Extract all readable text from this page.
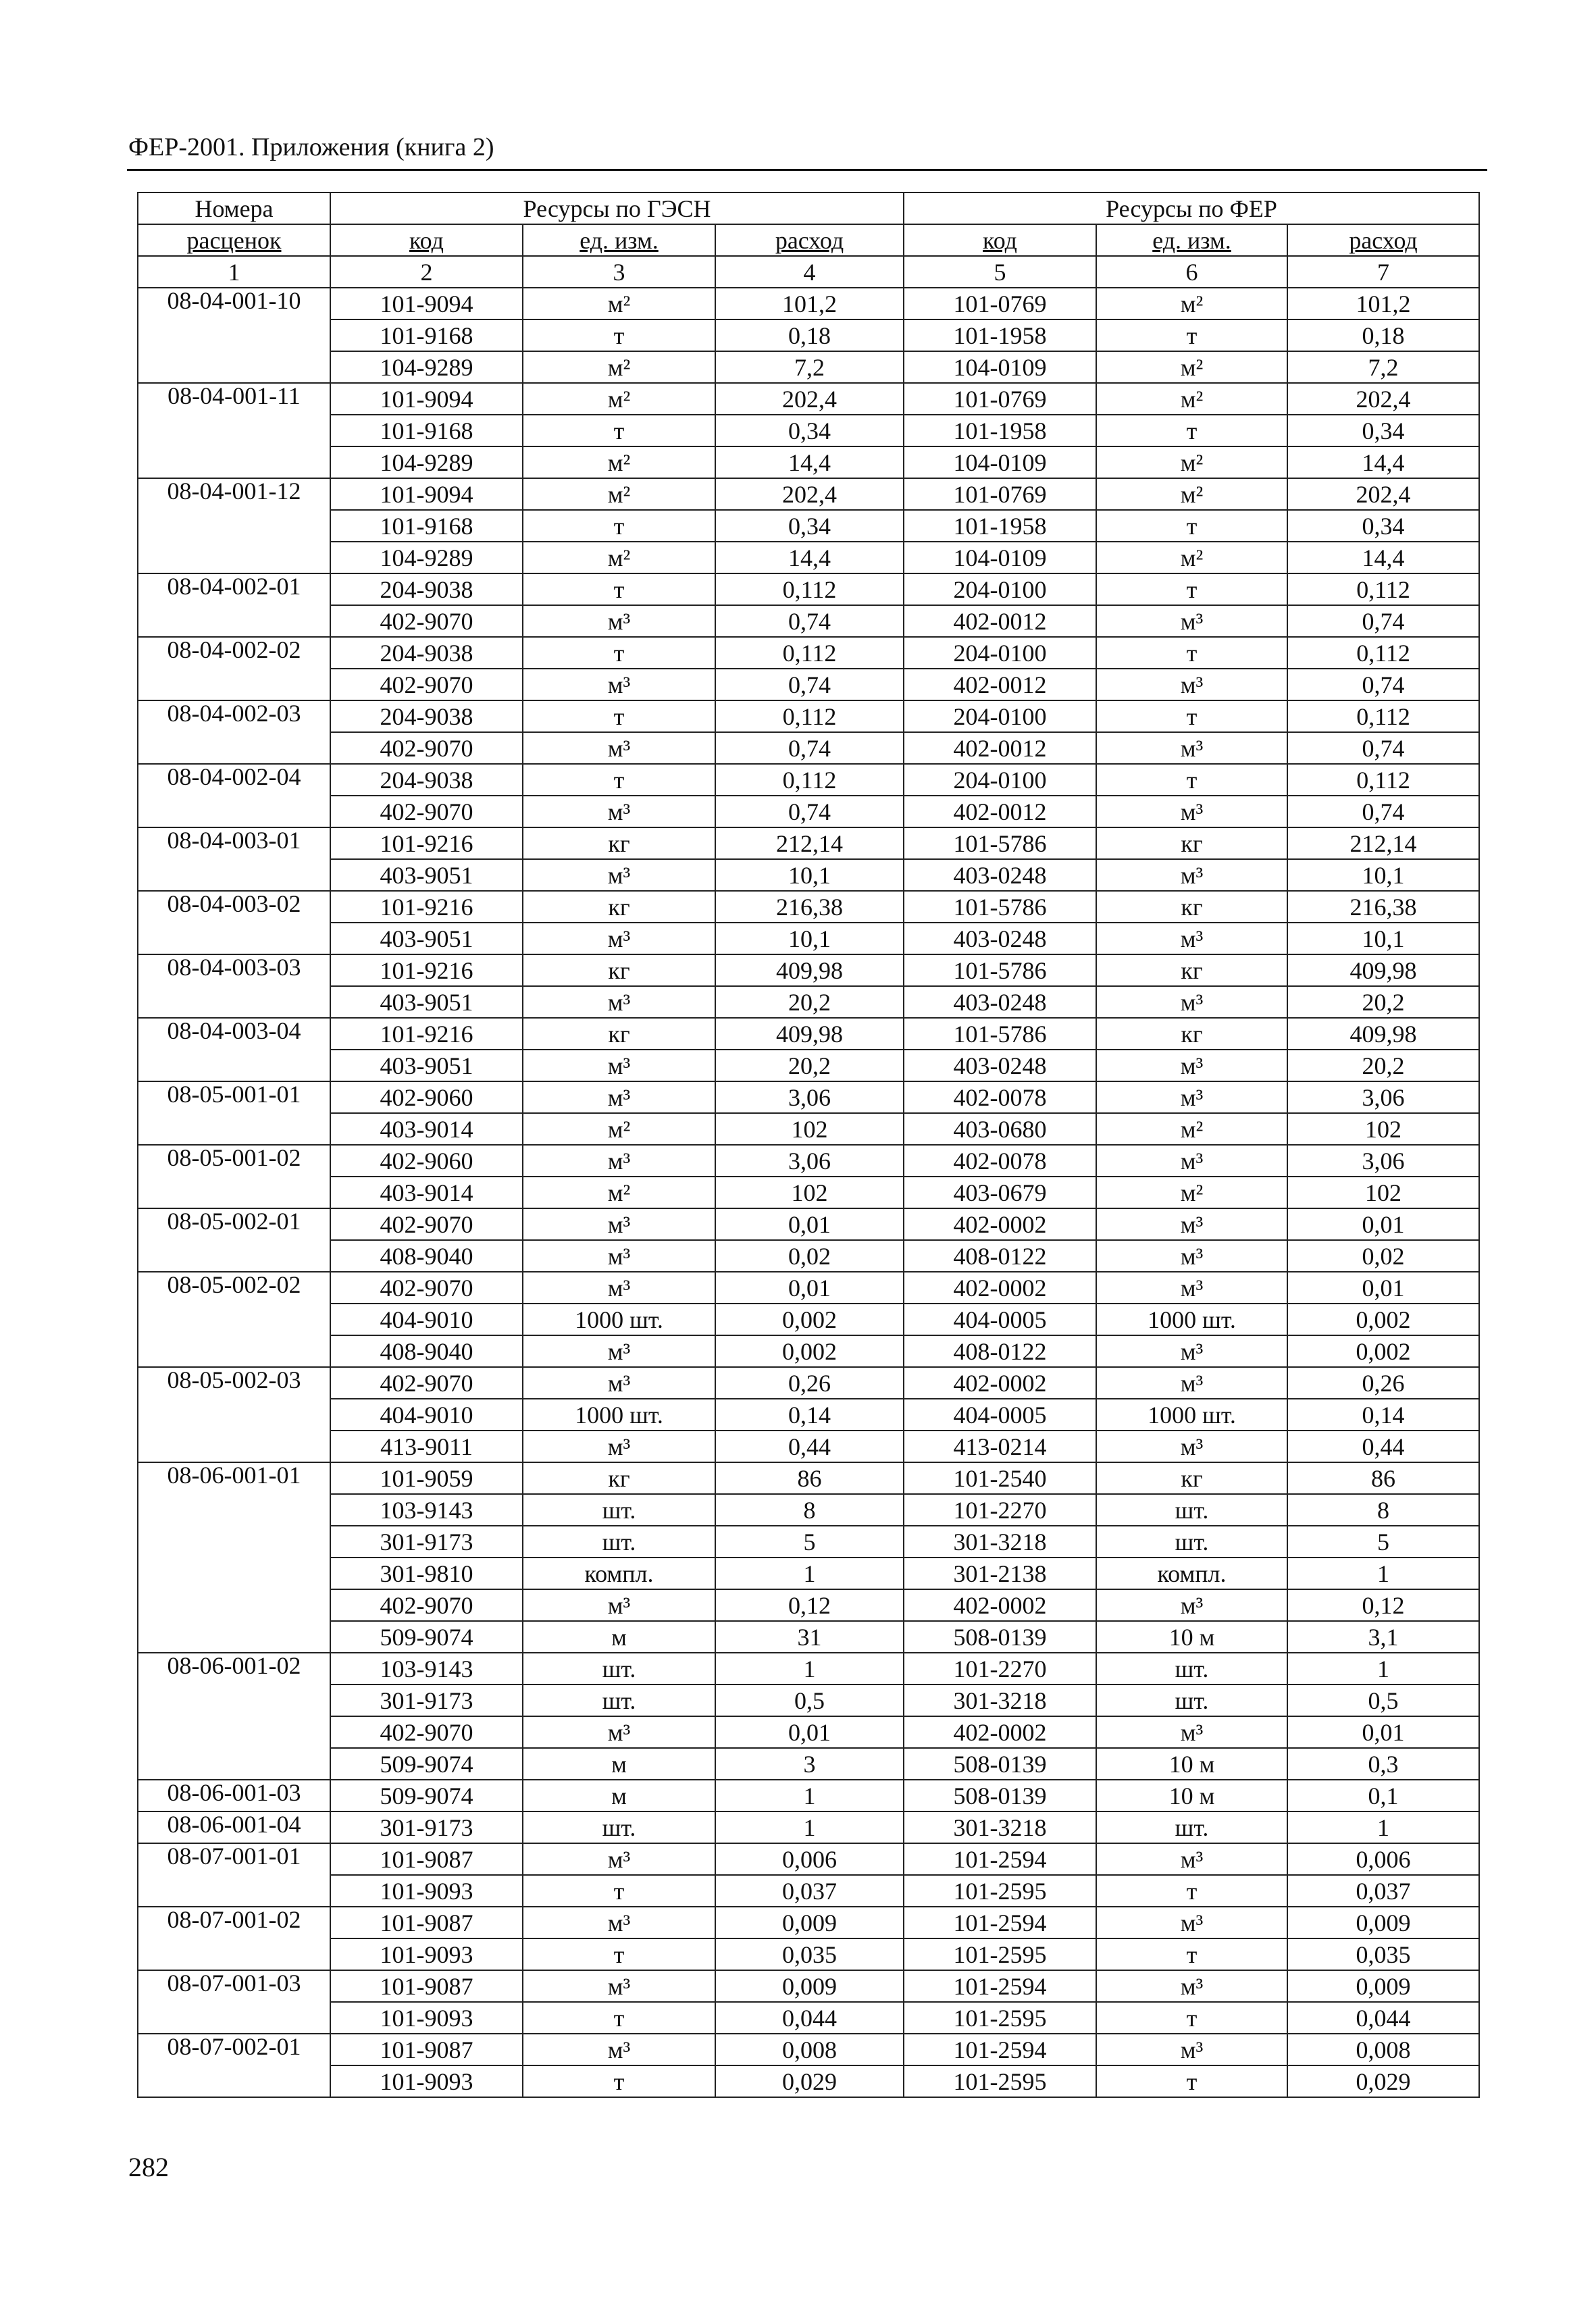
ФЕР-2001. Приложения (книга 2)
Номера	Ресурсы по ГЭСН			Ресурсы по ФЕР		
расценок	код	ед. изм.	расход	код	ед. изм.	расход
1	2	3	4	5	6	7
08-04-001-10	101-9094	м²	101,2	101-0769	м²	101,2
	101-9168	т	0,18	101-1958	т	0,18
	104-9289	м²	7,2	104-0109	м²	7,2
08-04-001-11	101-9094	м²	202,4	101-0769	м²	202,4
	101-9168	т	0,34	101-1958	т	0,34
	104-9289	м²	14,4	104-0109	м²	14,4
08-04-001-12	101-9094	м²	202,4	101-0769	м²	202,4
	101-9168	т	0,34	101-1958	т	0,34
	104-9289	м²	14,4	104-0109	м²	14,4
08-04-002-01	204-9038	т	0,112	204-0100	т	0,112
	402-9070	м³	0,74	402-0012	м³	0,74
08-04-002-02	204-9038	т	0,112	204-0100	т	0,112
	402-9070	м³	0,74	402-0012	м³	0,74
08-04-002-03	204-9038	т	0,112	204-0100	т	0,112
	402-9070	м³	0,74	402-0012	м³	0,74
08-04-002-04	204-9038	т	0,112	204-0100	т	0,112
	402-9070	м³	0,74	402-0012	м³	0,74
08-04-003-01	101-9216	кг	212,14	101-5786	кг	212,14
	403-9051	м³	10,1	403-0248	м³	10,1
08-04-003-02	101-9216	кг	216,38	101-5786	кг	216,38
	403-9051	м³	10,1	403-0248	м³	10,1
08-04-003-03	101-9216	кг	409,98	101-5786	кг	409,98
	403-9051	м³	20,2	403-0248	м³	20,2
08-04-003-04	101-9216	кг	409,98	101-5786	кг	409,98
	403-9051	м³	20,2	403-0248	м³	20,2
08-05-001-01	402-9060	м³	3,06	402-0078	м³	3,06
	403-9014	м²	102	403-0680	м²	102
08-05-001-02	402-9060	м³	3,06	402-0078	м³	3,06
	403-9014	м²	102	403-0679	м²	102
08-05-002-01	402-9070	м³	0,01	402-0002	м³	0,01
	408-9040	м³	0,02	408-0122	м³	0,02
08-05-002-02	402-9070	м³	0,01	402-0002	м³	0,01
	404-9010	1000 шт.	0,002	404-0005	1000 шт.	0,002
	408-9040	м³	0,002	408-0122	м³	0,002
08-05-002-03	402-9070	м³	0,26	402-0002	м³	0,26
	404-9010	1000 шт.	0,14	404-0005	1000 шт.	0,14
	413-9011	м³	0,44	413-0214	м³	0,44
08-06-001-01	101-9059	кг	86	101-2540	кг	86
	103-9143	шт.	8	101-2270	шт.	8
	301-9173	шт.	5	301-3218	шт.	5
	301-9810	компл.	1	301-2138	компл.	1
	402-9070	м³	0,12	402-0002	м³	0,12
	509-9074	м	31	508-0139	10 м	3,1
08-06-001-02	103-9143	шт.	1	101-2270	шт.	1
	301-9173	шт.	0,5	301-3218	шт.	0,5
	402-9070	м³	0,01	402-0002	м³	0,01
	509-9074	м	3	508-0139	10 м	0,3
08-06-001-03	509-9074	м	1	508-0139	10 м	0,1
08-06-001-04	301-9173	шт.	1	301-3218	шт.	1
08-07-001-01	101-9087	м³	0,006	101-2594	м³	0,006
	101-9093	т	0,037	101-2595	т	0,037
08-07-001-02	101-9087	м³	0,009	101-2594	м³	0,009
	101-9093	т	0,035	101-2595	т	0,035
08-07-001-03	101-9087	м³	0,009	101-2594	м³	0,009
	101-9093	т	0,044	101-2595	т	0,044
08-07-002-01	101-9087	м³	0,008	101-2594	м³	0,008
	101-9093	т	0,029	101-2595	т	0,029
282
